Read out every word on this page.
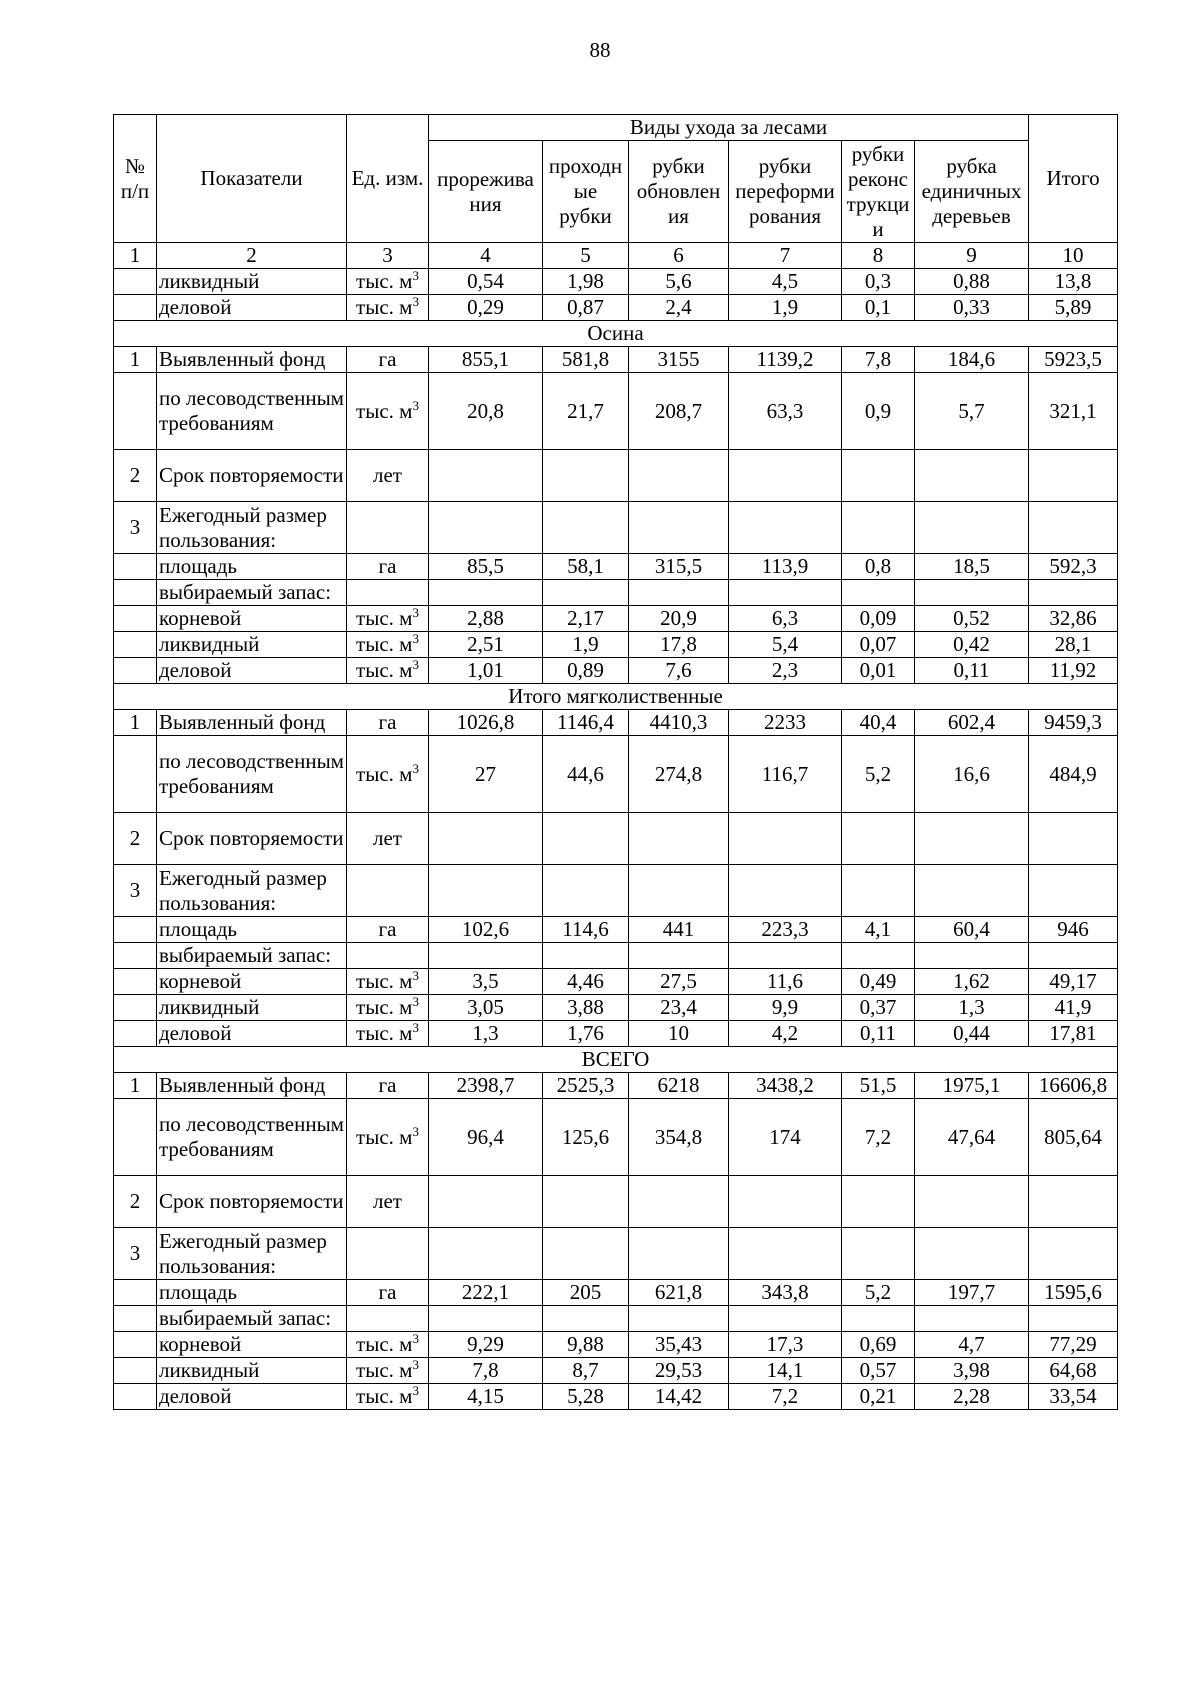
88
№ п/п	Показатели	Ед. изм.	Виды ухода за лесами						Итого
			прорежива ния	проходн ые рубки	рубки обновлен ия	рубки переформи рования	рубки реконс трукци и	рубка единичных деревьев	
1	2	3	4	5	6	7	8	9	10
	ликвидный	тыс. $м^3$	0,54	1,98	5,6	4,5	0,3	0,88	13,8
	деловой	тыс. $м^3$	0,29	0,87	2,4	1,9	0,1	0,33	5,89
Осина									
1	Выявленный фонд	га	855,1	581,8	3155	1139,2	7,8	184,6	5923,5
	по лесоводственным требованиям	тыс. $м^3$	20,8	21,7	208,7	63,3	0,9	5,7	321,1
2	Срок повторяемости	лет							
3	Ежегодный размер пользования:								
	площадь	га	85,5	58,1	315,5	113,9	0,8	18,5	592,3
	выбираемый запас:								
	корневой	тыс. $м^3$	2,88	2,17	20,9	6,3	0,09	0,52	32,86
	ликвидный	тыс. $м^3$	2,51	1,9	17,8	5,4	0,07	0,42	28,1
	деловой	тыс. $м^3$	1,01	0,89	7,6	2,3	0,01	0,11	11,92
Итого мягколиственные									
1	Выявленный фонд	га	1026,8	1146,4	4410,3	2233	40,4	602,4	9459,3
	по лесоводственным требованиям	тыс. $м^3$	27	44,6	274,8	116,7	5,2	16,6	484,9
2	Срок повторяемости	лет							
3	Ежегодный размер пользования:								
	площадь	га	102,6	114,6	441	223,3	4,1	60,4	946
	выбираемый запас:								
	корневой	тыс. $м^3$	3,5	4,46	27,5	11,6	0,49	1,62	49,17
	ликвидный	тыс. $м^3$	3,05	3,88	23,4	9,9	0,37	1,3	41,9
	деловой	тыс. $м^3$	1,3	1,76	10	4,2	0,11	0,44	17,81
ВСЕГО									
1	Выявленный фонд	га	2398,7	2525,3	6218	3438,2	51,5	1975,1	16606,8
	по лесоводственным требованиям	тыс. $м^3$	96,4	125,6	354,8	174	7,2	47,64	805,64
2	Срок повторяемости	лет							
3	Ежегодный размер пользования:								
	площадь	га	222,1	205	621,8	343,8	5,2	197,7	1595,6
	выбираемый запас:								
	корневой	тыс. $м^3$	9,29	9,88	35,43	17,3	0,69	4,7	77,29
	ликвидный	тыс. $м^3$	7,8	8,7	29,53	14,1	0,57	3,98	64,68
	деловой	тыс. $м^3$	4,15	5,28	14,42	7,2	0,21	2,28	33,54
